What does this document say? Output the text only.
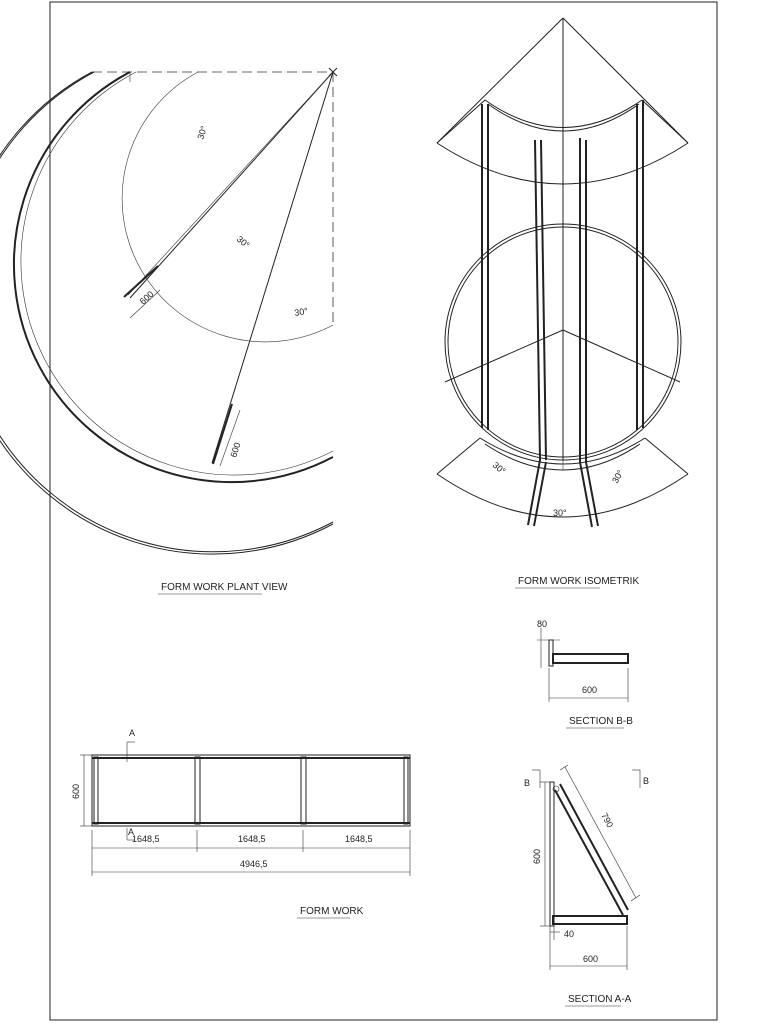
30°
30°
30°
600
600
FORM WORK PLANT VIEW
30°
30°
30°
FORM WORK ISOMETRIK
80
600
SECTION B-B
A
A
600
1648,5	1648,5	1648,5
4946,5
FORM WORK
B	B
600
790
40
600
SECTION A-A
